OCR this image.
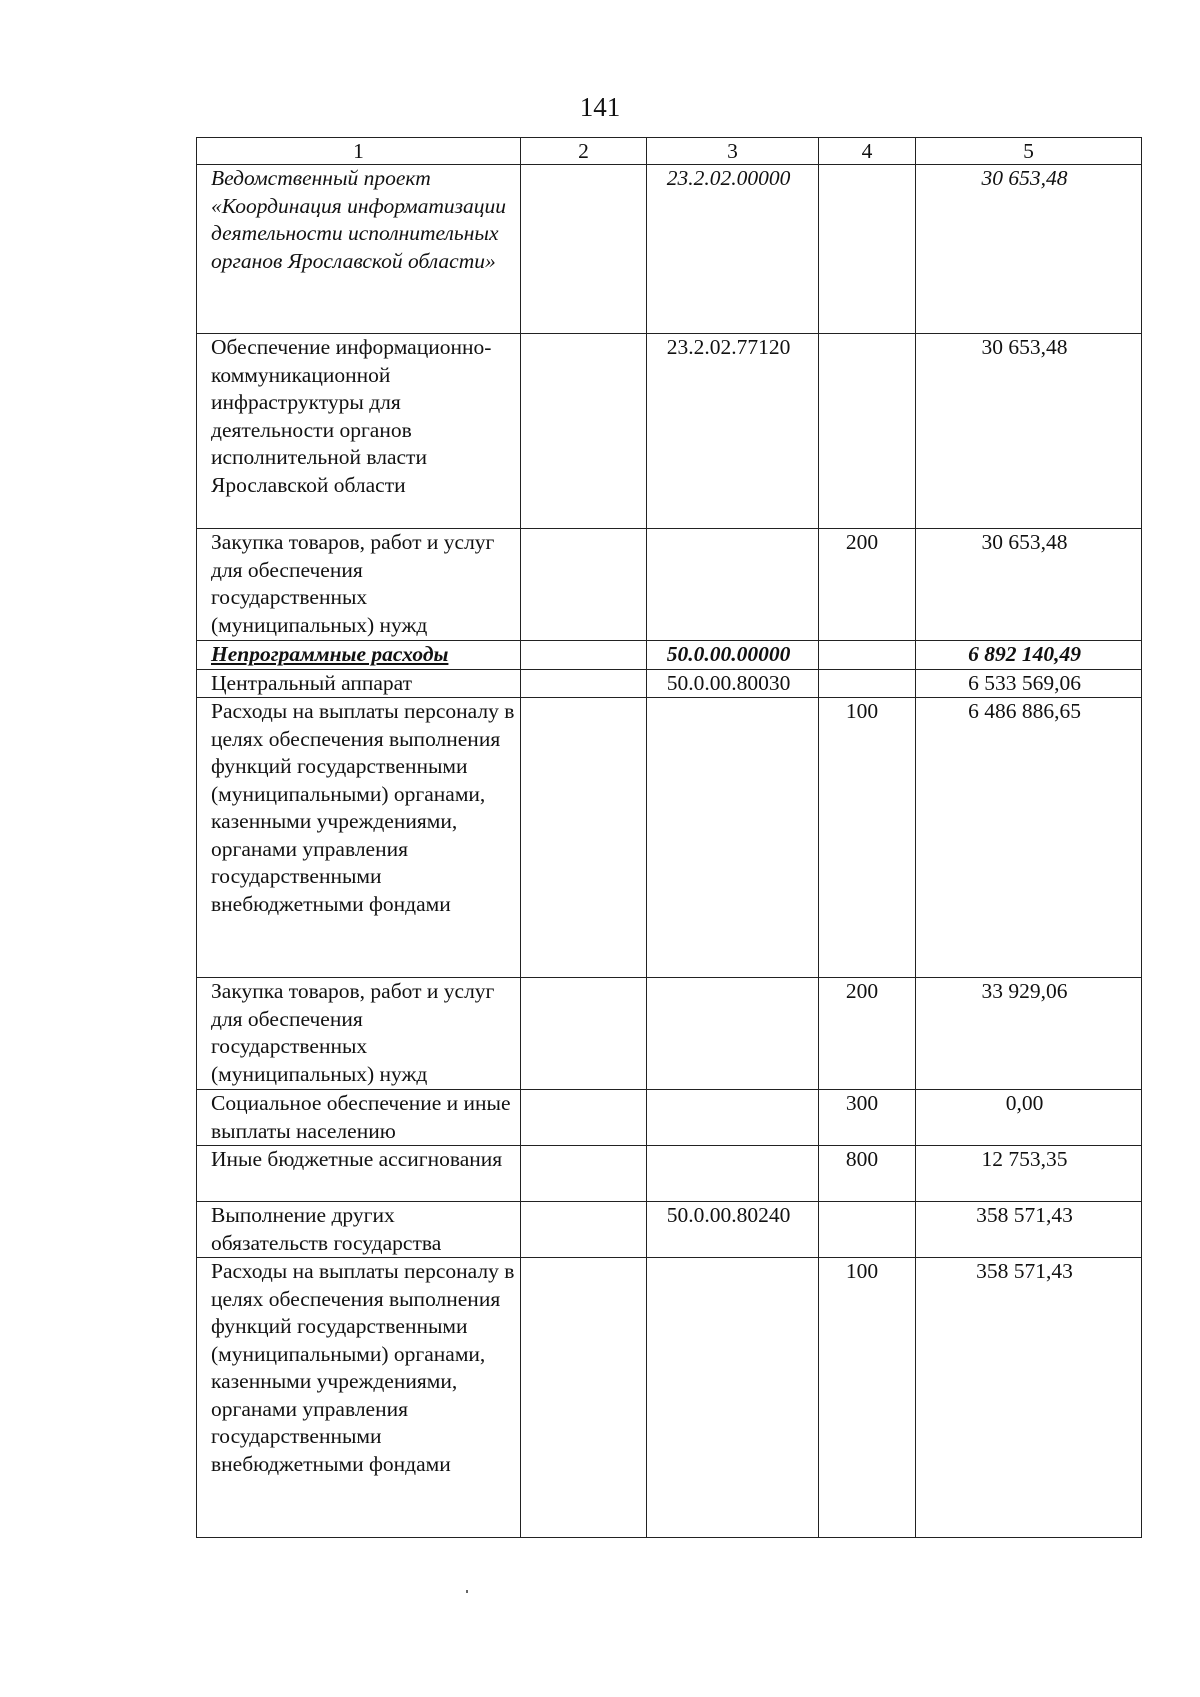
141
1	2	3	4	5
Ведомственный проект «Координация информатизации деятельности исполнительных органов Ярославской области»		23.2.02.00000		30 653,48
Обеспечение информационно-коммуникационной инфраструктуры для деятельности органов исполнительной власти Ярославской области		23.2.02.77120		30 653,48
Закупка товаров, работ и услуг для обеспечения государственных (муниципальных) нужд			200	30 653,48
Непрограммные расходы		50.0.00.00000		6 892 140,49
Центральный аппарат		50.0.00.80030		6 533 569,06
Расходы на выплаты персоналу в целях обеспечения выполнения функций государственными (муниципальными) органами, казенными учреждениями, органами управления государственными внебюджетными фондами			100	6 486 886,65
Закупка товаров, работ и услуг для обеспечения государственных (муниципальных) нужд			200	33 929,06
Социальное обеспечение и иные выплаты населению			300	0,00
Иные бюджетные ассигнования			800	12 753,35
Выполнение других обязательств государства		50.0.00.80240		358 571,43
Расходы на выплаты персоналу в целях обеспечения выполнения функций государственными (муниципальными) органами, казенными учреждениями, органами управления государственными внебюджетными фондами			100	358 571,43
